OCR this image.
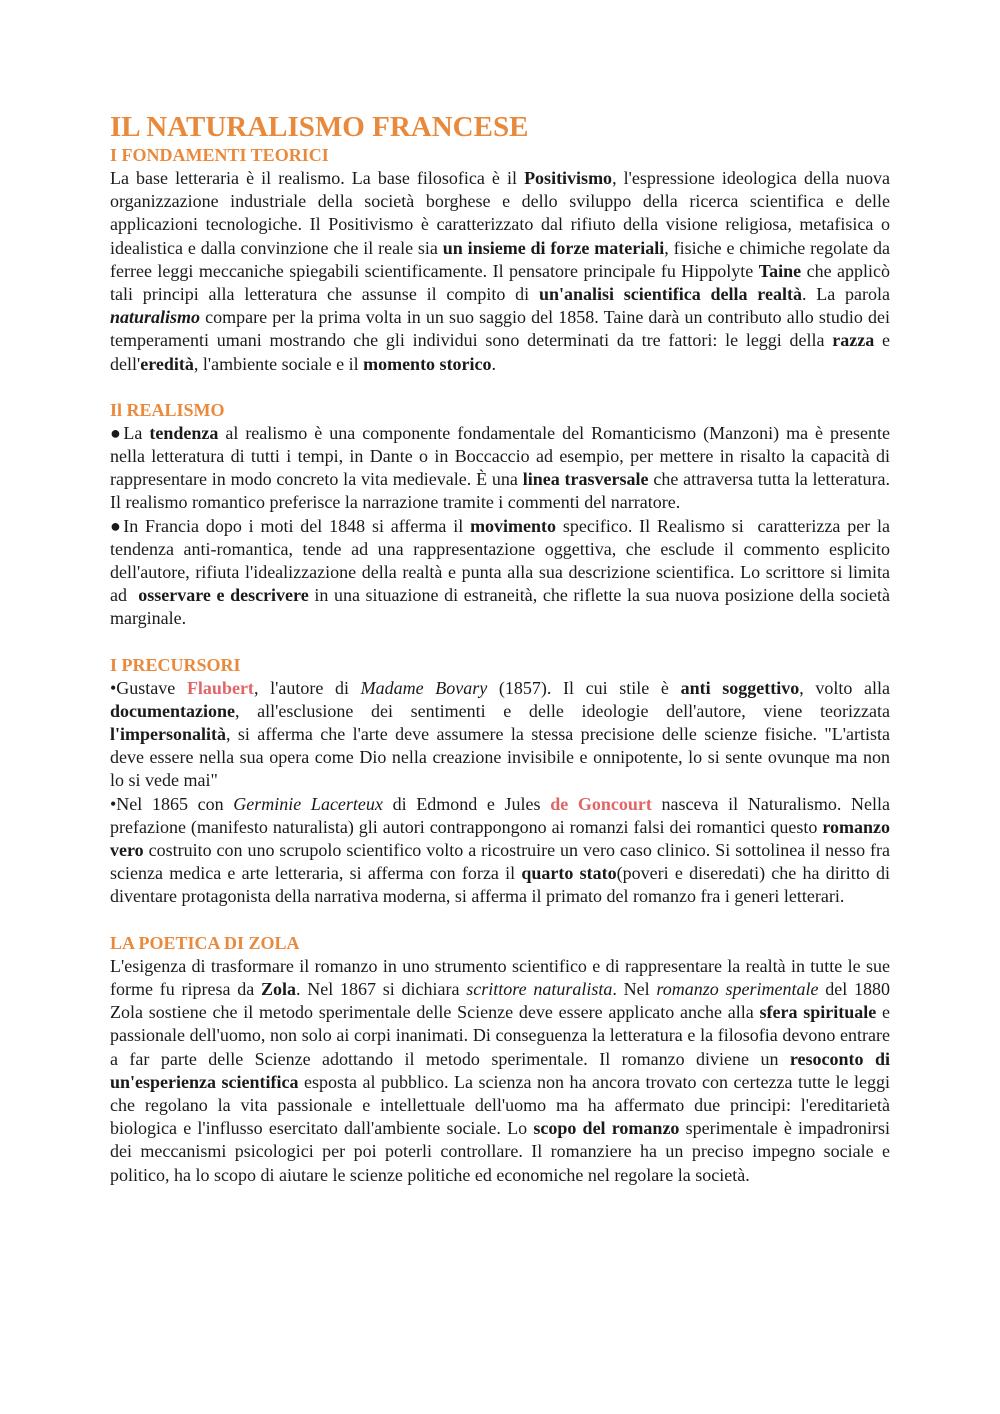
IL NATURALISMO FRANCESE
I FONDAMENTI TEORICI

La base letteraria è il realismo. La base filosofica è il Positivismo, l'espressione ideologica della nuova organizzazione industriale della società borghese e dello sviluppo della ricerca scientifica e delle applicazioni tecnologiche. Il Positivismo è caratterizzato dal rifiuto della visione religiosa, metafisica o idealistica e dalla convinzione che il reale sia un insieme di forze materiali, fisiche e chimiche regolate da ferree leggi meccaniche spiegabili scientificamente. Il pensatore principale fu Hippolyte Taine che applicò tali principi alla letteratura che assunse il compito di un'analisi scientifica della realtà. La parola naturalismo compare per la prima volta in un suo saggio del 1858. Taine darà un contributo allo studio dei temperamenti umani mostrando che gli individui sono determinati da tre fattori: le leggi della razza e dell'eredità, l'ambiente sociale e il momento storico.

Il REALISMO

●La tendenza al realismo è una componente fondamentale del Romanticismo (Manzoni) ma è presente nella letteratura di tutti i tempi, in Dante o in Boccaccio ad esempio, per mettere in risalto la capacità di rappresentare in modo concreto la vita medievale. È una linea trasversale che attraversa tutta la letteratura. Il realismo romantico preferisce la narrazione tramite i commenti del narratore.

●In Francia dopo i moti del 1848 si afferma il movimento specifico. Il Realismo si  caratterizza per la tendenza anti-romantica, tende ad una rappresentazione oggettiva, che esclude il commento esplicito dell'autore, rifiuta l'idealizzazione della realtà e punta alla sua descrizione scientifica. Lo scrittore si limita ad  osservare e descrivere in una situazione di estraneità, che riflette la sua nuova posizione della società marginale.

I PRECURSORI

•Gustave Flaubert, l'autore di Madame Bovary (1857). Il cui stile è anti soggettivo, volto alla documentazione, all'esclusione dei sentimenti e delle ideologie dell'autore, viene teorizzata l'impersonalità, si afferma che l'arte deve assumere la stessa precisione delle scienze fisiche. "L'artista deve essere nella sua opera come Dio nella creazione invisibile e onnipotente, lo si sente ovunque ma non lo si vede mai"

•Nel 1865 con Germinie Lacerteux di Edmond e Jules de Goncourt nasceva il Naturalismo. Nella prefazione (manifesto naturalista) gli autori contrappongono ai romanzi falsi dei romantici questo romanzo vero costruito con uno scrupolo scientifico volto a ricostruire un vero caso clinico. Si sottolinea il nesso fra scienza medica e arte letteraria, si afferma con forza il quarto stato(poveri e diseredati) che ha diritto di diventare protagonista della narrativa moderna, si afferma il primato del romanzo fra i generi letterari.

LA POETICA DI ZOLA

L'esigenza di trasformare il romanzo in uno strumento scientifico e di rappresentare la realtà in tutte le sue forme fu ripresa da Zola. Nel 1867 si dichiara scrittore naturalista. Nel romanzo sperimentale del 1880 Zola sostiene che il metodo sperimentale delle Scienze deve essere applicato anche alla sfera spirituale e passionale dell'uomo, non solo ai corpi inanimati. Di conseguenza la letteratura e la filosofia devono entrare a far parte delle Scienze adottando il metodo sperimentale. Il romanzo diviene un resoconto di un'esperienza scientifica esposta al pubblico. La scienza non ha ancora trovato con certezza tutte le leggi che regolano la vita passionale e intellettuale dell'uomo ma ha affermato due principi: l'ereditarietà biologica e l'influsso esercitato dall'ambiente sociale. Lo scopo del romanzo sperimentale è impadronirsi dei meccanismi psicologici per poi poterli controllare. Il romanziere ha un preciso impegno sociale e politico, ha lo scopo di aiutare le scienze politiche ed economiche nel regolare la società.
